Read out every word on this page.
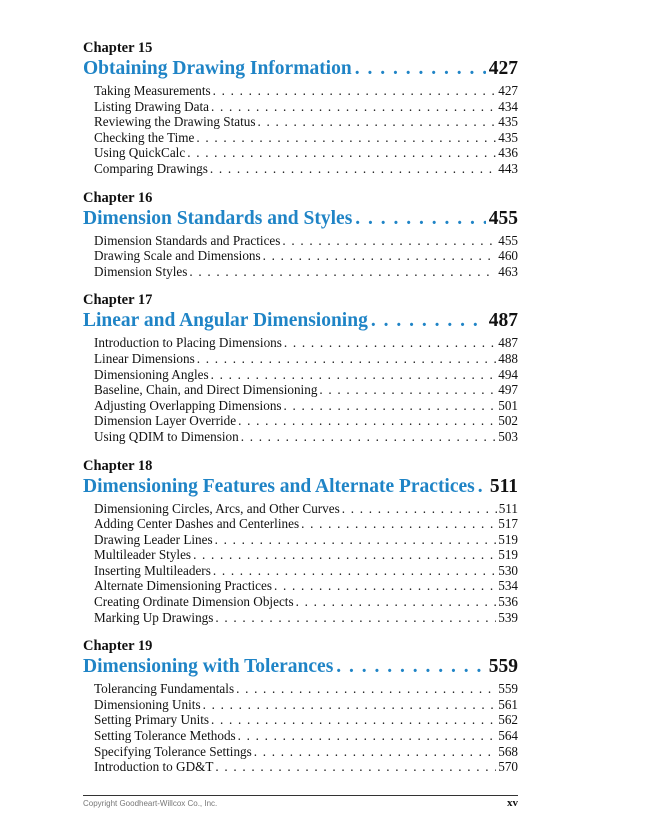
Chapter 15
Obtaining Drawing Information . . .	427
Taking Measurements . . .	427
Listing Drawing Data . . .	434
Reviewing the Drawing Status . . .	435
Checking the Time . . .	435
Using QuickCalc . . .	436
Comparing Drawings . . .	443
Chapter 16
Dimension Standards and Styles . . .	455
Dimension Standards and Practices . . .	455
Drawing Scale and Dimensions . . .	460
Dimension Styles . . .	463
Chapter 17
Linear and Angular Dimensioning . . .	487
Introduction to Placing Dimensions . . .	487
Linear Dimensions . . .	488
Dimensioning Angles . . .	494
Baseline, Chain, and Direct Dimensioning . . .	497
Adjusting Overlapping Dimensions . . .	501
Dimension Layer Override . . .	502
Using QDIM to Dimension . . .	503
Chapter 18
Dimensioning Features and Alternate Practices . . . 511
Dimensioning Circles, Arcs, and Other Curves . . .	511
Adding Center Dashes and Centerlines . . .	517
Drawing Leader Lines . . .	519
Multileader Styles . . .	519
Inserting Multileaders . . .	530
Alternate Dimensioning Practices . . .	534
Creating Ordinate Dimension Objects . . .	536
Marking Up Drawings . . .	539
Chapter 19
Dimensioning with Tolerances . . .	559
Tolerancing Fundamentals . . .	559
Dimensioning Units . . .	561
Setting Primary Units . . .	562
Setting Tolerance Methods . . .	564
Specifying Tolerance Settings . . .	568
Introduction to GD&T . . .	570
Copyright Goodheart-Willcox Co., Inc.	xv
